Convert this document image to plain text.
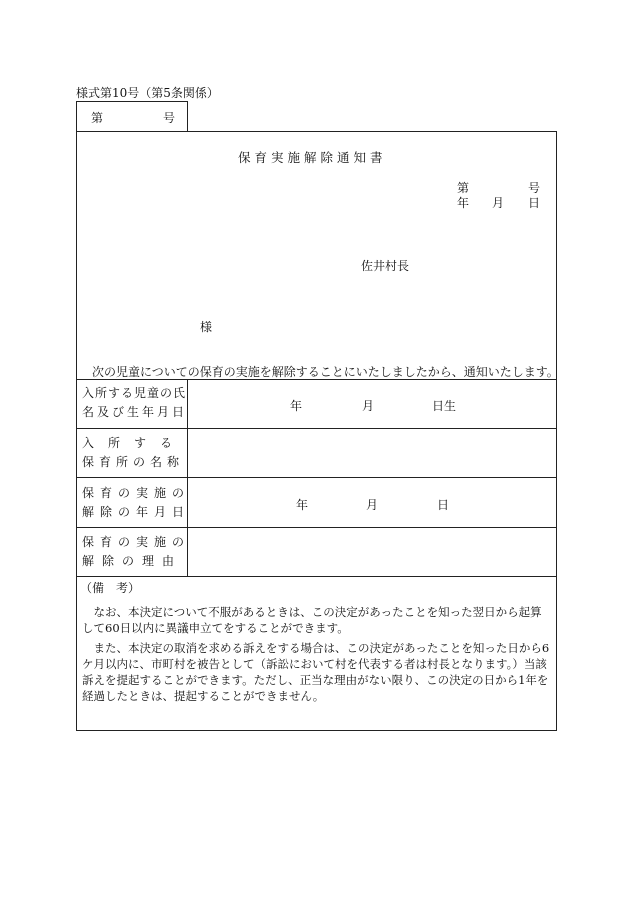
様式第10号（第5条関係）
第	号
保育実施解除通知書
第	号
年 月 日
佐井村長
様
次の児童についての保育の実施を解除することにいたしましたから、通知いたします。
入所する児童の氏
名及び生年月日	年	月	日生
入　所　す　る
保育所の名称
保育の実施の
解除の年月日	年	月	日
保育の実施の
解除の理由
（備　考）
　なお、本決定について不服があるときは、この決定があったことを知った翌日から起算して60日以内に異議申立てをすることができます。
　また、本決定の取消を求める訴えをする場合は、この決定があったことを知った日から6ケ月以内に、市町村を被告として（訴訟において村を代表する者は村長となります。）当該訴えを提起することができます。ただし、正当な理由がない限り、この決定の日から1年を経過したときは、提起することができません。
